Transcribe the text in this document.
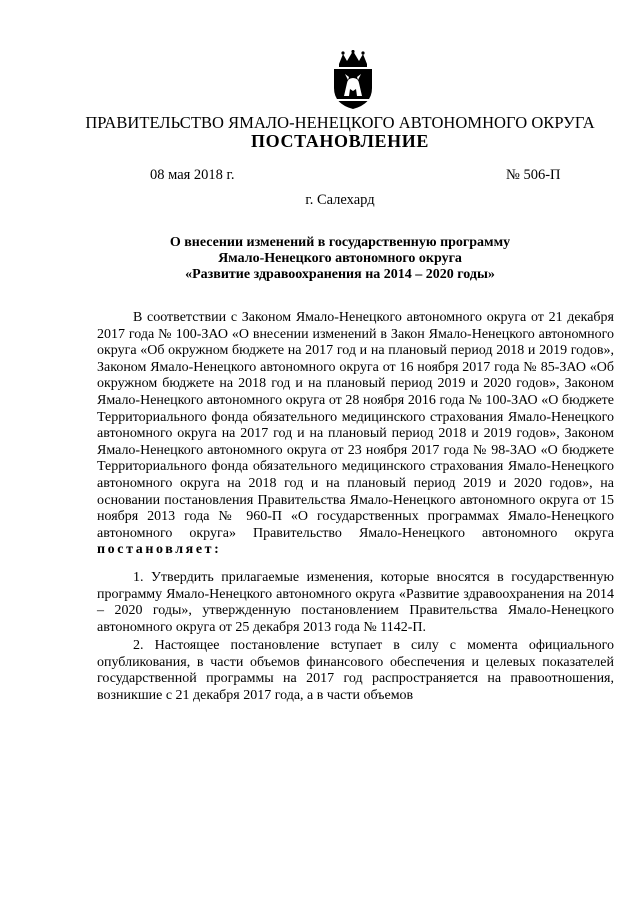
ПРАВИТЕЛЬСТВО ЯМАЛО-НЕНЕЦКОГО АВТОНОМНОГО ОКРУГА
ПОСТАНОВЛЕНИЕ
08 мая 2018 г.	№ 506-П
г. Салехард
О внесении изменений в государственную программу
Ямало-Ненецкого автономного округа
«Развитие здравоохранения на 2014 – 2020 годы»

В соответствии с Законом Ямало-Ненецкого автономного округа от 21 декабря 2017 года № 100-ЗАО «О внесении изменений в Закон Ямало-Ненецкого автономного округа «Об окружном бюджете на 2017 год и на плановый период 2018 и 2019 годов», Законом Ямало-Ненецкого автономного округа от 16 ноября 2017 года № 85-ЗАО «Об окружном бюджете на 2018 год и на плановый период 2019 и 2020 годов», Законом Ямало-Ненецкого автономного округа от 28 ноября 2016 года № 100-ЗАО «О бюджете Территориального фонда обязательного медицинского страхования Ямало-Ненецкого автономного округа на 2017 год и на плановый период 2018 и 2019 годов», Законом Ямало-Ненецкого автономного округа от 23 ноября 2017 года № 98-ЗАО «О бюджете Территориального фонда обязательного медицинского страхования Ямало-Ненецкого автономного округа на 2018 год и на плановый период 2019 и 2020 годов», на основании постановления Правительства Ямало-Ненецкого автономного округа от 15 ноября 2013 года № 960-П «О государственных программах Ямало-Ненецкого автономного округа» Правительство Ямало-Ненецкого автономного округа постановляет:

1. Утвердить прилагаемые изменения, которые вносятся в государственную программу Ямало-Ненецкого автономного округа «Развитие здравоохранения на 2014 – 2020 годы», утвержденную постановлением Правительства Ямало-Ненецкого автономного округа от 25 декабря 2013 года № 1142-П.

2. Настоящее постановление вступает в силу с момента официального опубликования, в части объемов финансового обеспечения и целевых показателей государственной программы на 2017 год распространяется на правоотношения, возникшие с 21 декабря 2017 года, а в части объемов
